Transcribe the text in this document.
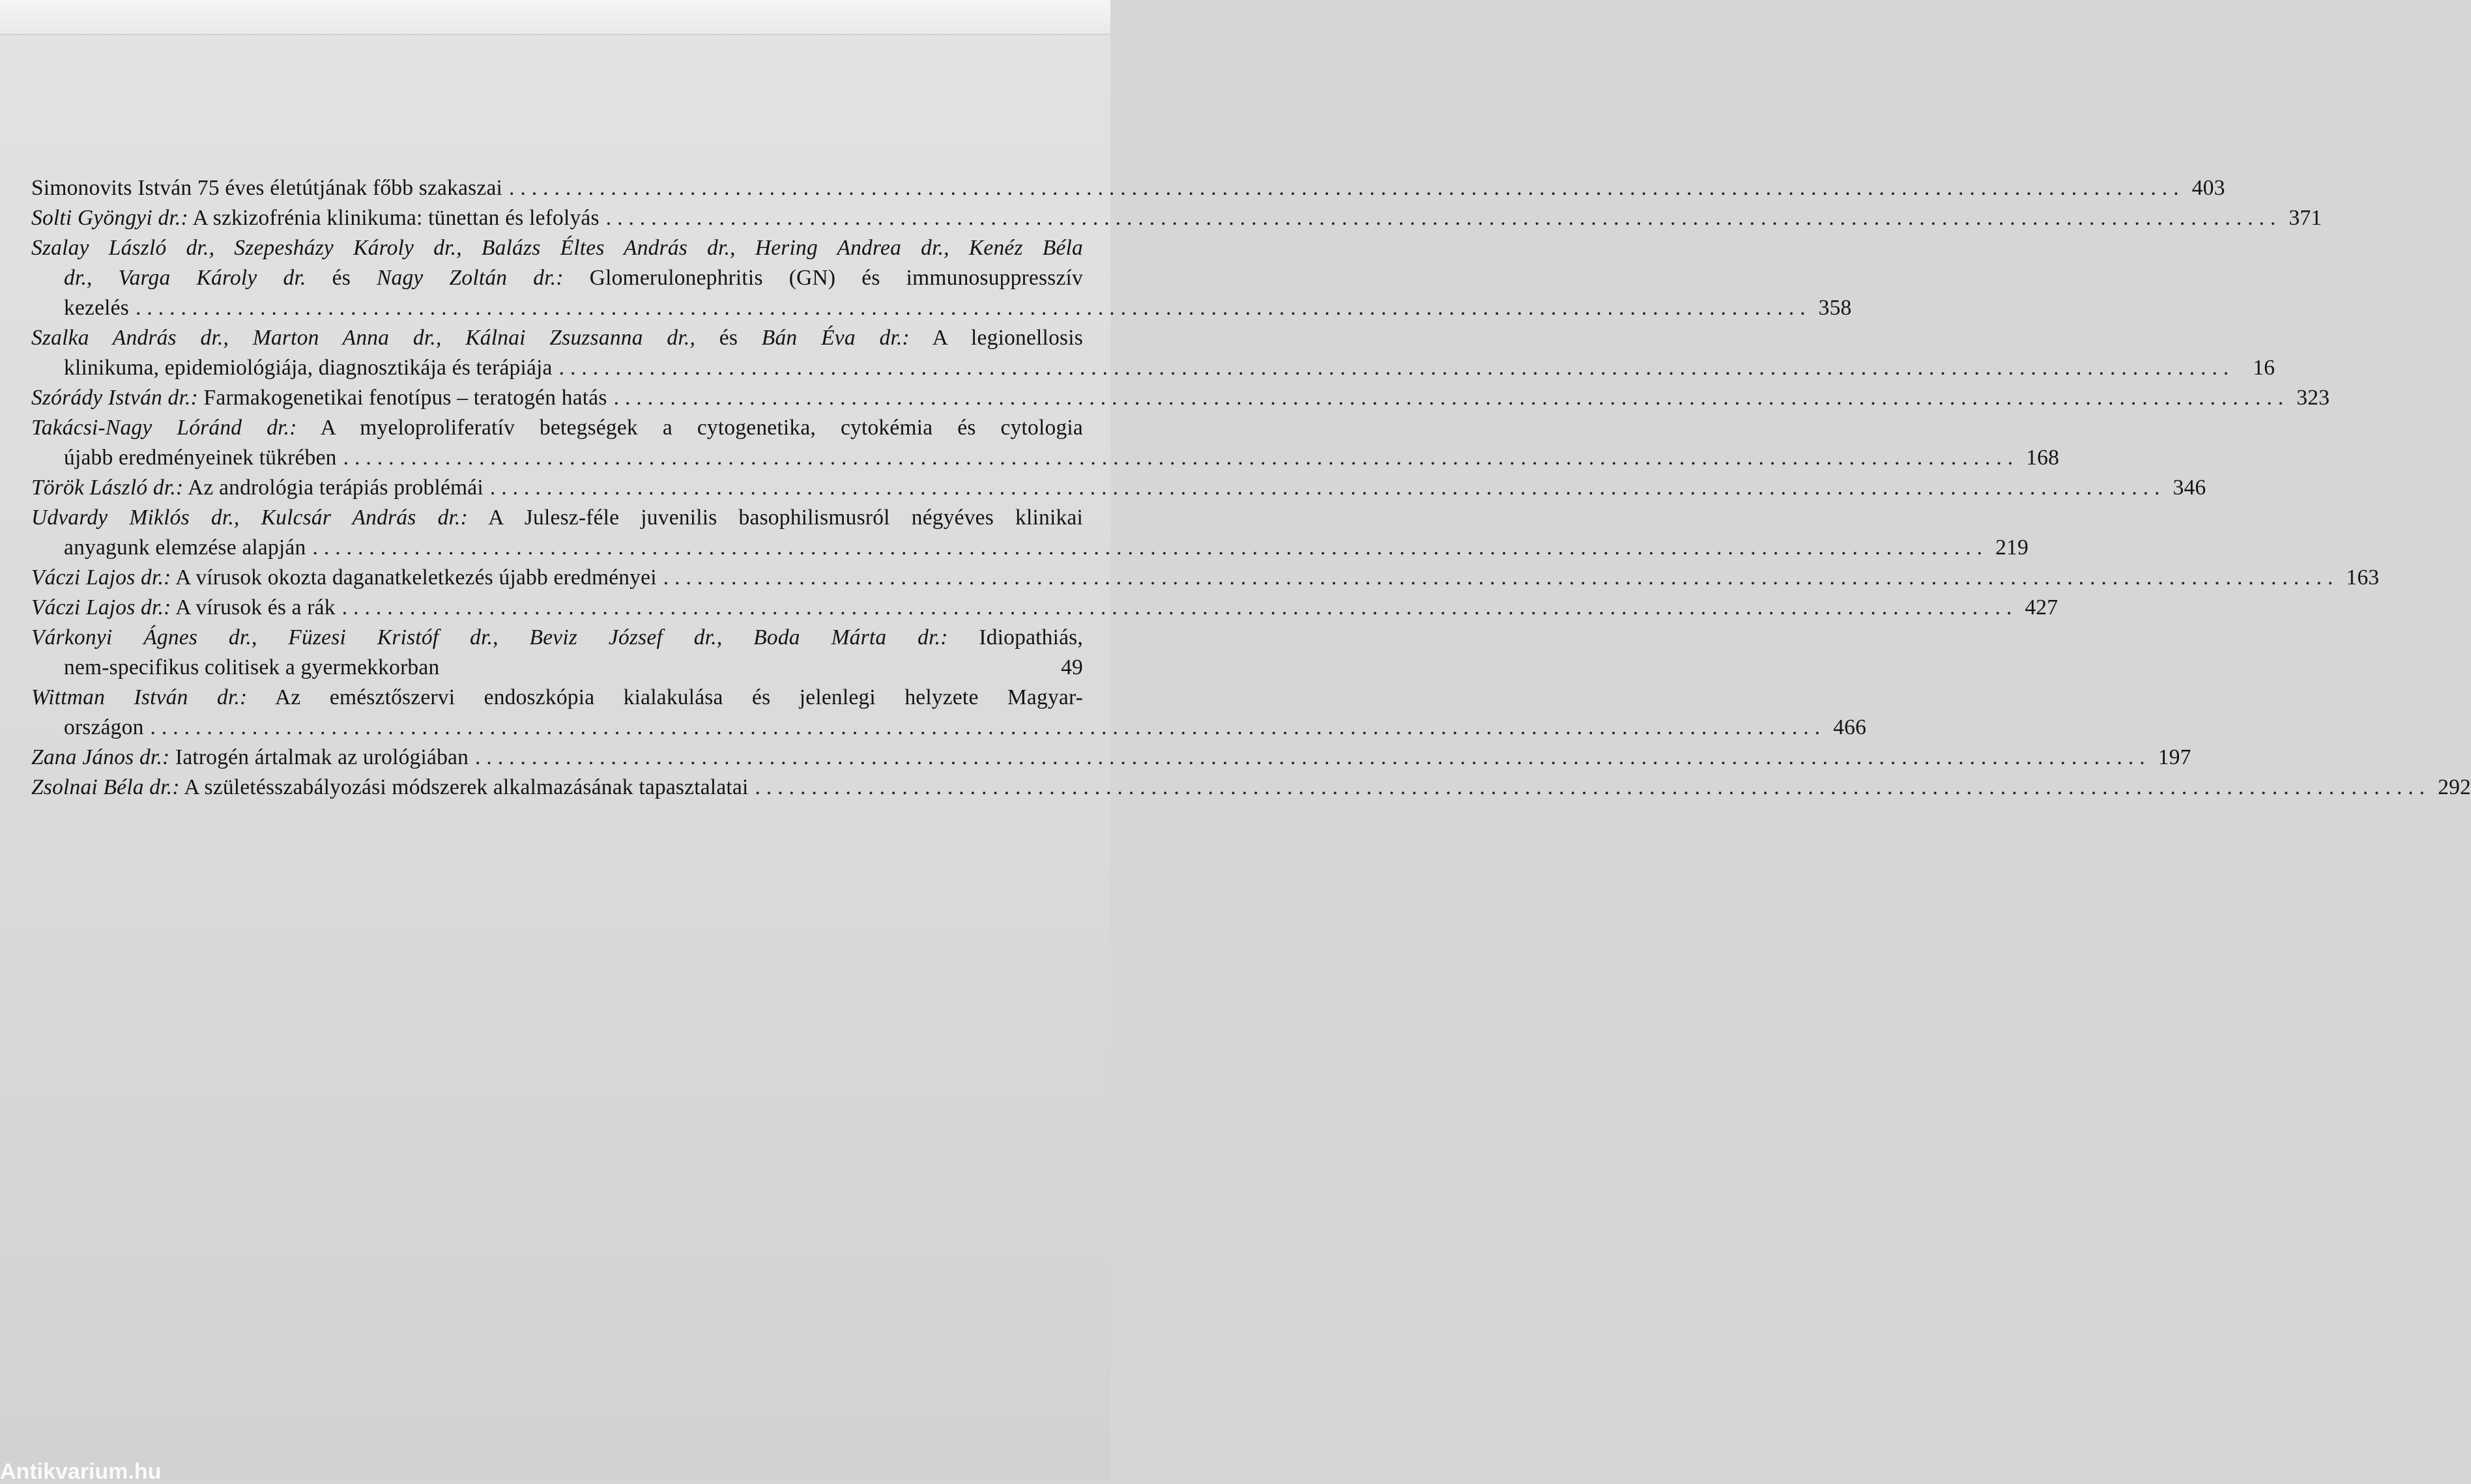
Simonovits István 75 éves életútjának főbb szakaszai .................................................................................................................................................... 403
Solti Gyöngyi dr.: A szkizofrénia klinikuma: tünettan és lefolyás .................................................................................................................................................... 371
Szalay László dr., Szepesházy Károly dr., Balázs Éltes András dr., Hering Andrea dr., Kenéz Béla
dr., Varga Károly dr. és Nagy Zoltán dr.: Glomerulonephritis (GN) és immunosuppresszív
kezelés .................................................................................................................................................... 358
Szalka András dr., Marton Anna dr., Kálnai Zsuzsanna dr., és Bán Éva dr.: A legionellosis
klinikuma, epidemiológiája, diagnosztikája és terápiája .................................................................................................................................................... 16
Szórády István dr.: Farmakogenetikai fenotípus – teratogén hatás .................................................................................................................................................... 323
Takácsi-Nagy Lóránd dr.: A myeloproliferatív betegségek a cytogenetika, cytokémia és cytologia
újabb eredményeinek tükrében .................................................................................................................................................... 168
Török László dr.: Az andrológia terápiás problémái .................................................................................................................................................... 346
Udvardy Miklós dr., Kulcsár András dr.: A Julesz-féle juvenilis basophilismusról négyéves klinikai
anyagunk elemzése alapján .................................................................................................................................................... 219
Váczi Lajos dr.: A vírusok okozta daganatkeletkezés újabb eredményei .................................................................................................................................................... 163
Váczi Lajos dr.: A vírusok és a rák .................................................................................................................................................... 427
Várkonyi Ágnes dr., Füzesi Kristóf dr., Beviz József dr., Boda Márta dr.: Idiopathiás,
nem-specifikus colitisek a gyermekkorban	49
Wittman István dr.: Az emésztőszervi endoszkópia kialakulása és jelenlegi helyzete Magyar-
országon .................................................................................................................................................... 466
Zana János dr.: Iatrogén ártalmak az urológiában .................................................................................................................................................... 197
Zsolnai Béla dr.: A születésszabályozási módszerek alkalmazásának tapasztalatai .................................................................................................................................................... 292
Antikvarium.hu
